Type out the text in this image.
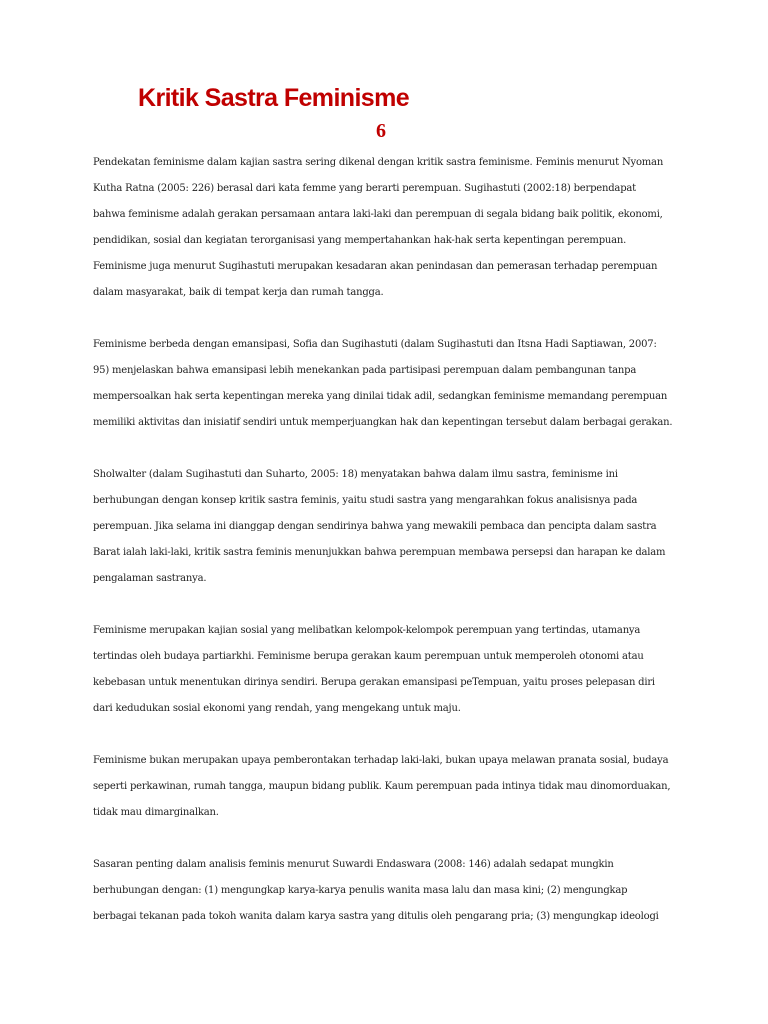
Kritik Sastra Feminisme
6
Pendekatan feminisme dalam kajian sastra sering dikenal dengan kritik sastra feminisme. Feminis menurut Nyoman
Kutha Ratna (2005: 226) berasal dari kata femme yang berarti perempuan. Sugihastuti (2002:18) berpendapat
bahwa feminisme adalah gerakan persamaan antara laki-laki dan perempuan di segala bidang baik politik, ekonomi,
pendidikan, sosial dan kegiatan terorganisasi yang mempertahankan hak-hak serta kepentingan perempuan.
Feminisme juga menurut Sugihastuti merupakan kesadaran akan penindasan dan pemerasan terhadap perempuan
dalam masyarakat, baik di tempat kerja dan rumah tangga.
Feminisme berbeda dengan emansipasi, Sofia dan Sugihastuti (dalam Sugihastuti dan Itsna Hadi Saptiawan, 2007:
95) menjelaskan bahwa emansipasi lebih menekankan pada partisipasi perempuan dalam pembangunan tanpa
mempersoalkan hak serta kepentingan mereka yang dinilai tidak adil, sedangkan feminisme memandang perempuan
memiliki aktivitas dan inisiatif sendiri untuk memperjuangkan hak dan kepentingan tersebut dalam berbagai gerakan.
Sholwalter (dalam Sugihastuti dan Suharto, 2005: 18) menyatakan bahwa dalam ilmu sastra, feminisme ini
berhubungan dengan konsep kritik sastra feminis, yaitu studi sastra yang mengarahkan fokus analisisnya pada
perempuan. Jika selama ini dianggap dengan sendirinya bahwa yang mewakili pembaca dan pencipta dalam sastra
Barat ialah laki-laki, kritik sastra feminis menunjukkan bahwa perempuan membawa persepsi dan harapan ke dalam
pengalaman sastranya.
Feminisme merupakan kajian sosial yang melibatkan kelompok-kelompok perempuan yang tertindas, utamanya
tertindas oleh budaya partiarkhi. Feminisme berupa gerakan kaum perempuan untuk memperoleh otonomi atau
kebebasan untuk menentukan dirinya sendiri. Berupa gerakan emansipasi peTempuan, yaitu proses pelepasan diri
dari kedudukan sosial ekonomi yang rendah, yang mengekang untuk maju.
Feminisme bukan merupakan upaya pemberontakan terhadap laki-laki, bukan upaya melawan pranata sosial, budaya
seperti perkawinan, rumah tangga, maupun bidang publik. Kaum perempuan pada intinya tidak mau dinomorduakan,
tidak mau dimarginalkan.
Sasaran penting dalam analisis feminis menurut Suwardi Endaswara (2008: 146) adalah sedapat mungkin
berhubungan dengan: (1) mengungkap karya-karya penulis wanita masa lalu dan masa kini; (2) mengungkap
berbagai tekanan pada tokoh wanita dalam karya sastra yang ditulis oleh pengarang pria; (3) mengungkap ideologi
